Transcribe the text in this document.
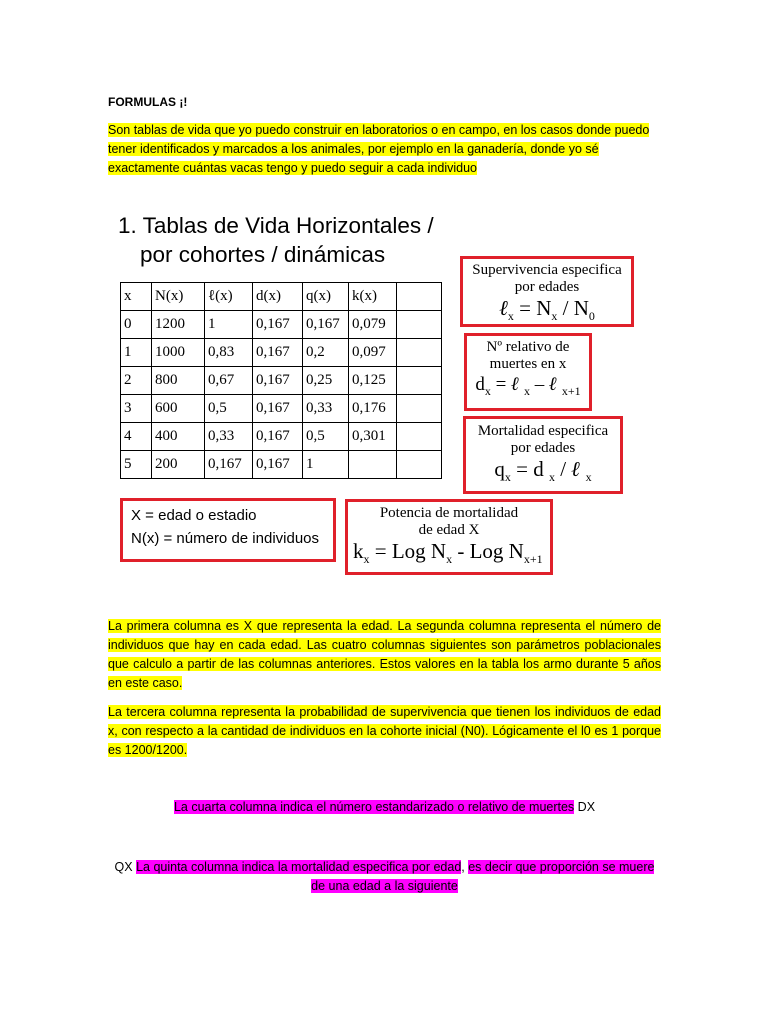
FORMULAS ¡!
Son tablas de vida que yo puedo construir en laboratorios o en campo, en los casos donde puedo tener identificados y marcados a los animales, por ejemplo en la ganadería, donde yo sé exactamente cuántas vacas tengo y puedo seguir a cada individuo
1. Tablas de Vida Horizontales /
por cohortes / dinámicas
x	N(x)	ℓ(x)	d(x)	q(x)	k(x)	
0	1200	1	0,167	0,167	0,079	
1	1000	0,83	0,167	0,2	0,097	
2	800	0,67	0,167	0,25	0,125	
3	600	0,5	0,167	0,33	0,176	
4	400	0,33	0,167	0,5	0,301	
5	200	0,167	0,167	1		
Supervivencia especifica
por edades
ℓ$_x$ = $N_x / N_0$
Nº relativo de
muertes en x
$d_x$ = ℓ $_x$ – ℓ $_{x+1}$
Mortalidad especifica
por edades
$q_x = d$ $_x$ / ℓ $_x$
X = edad o estadio
N(x) = número de individuos
Potencia de mortalidad
de edad X
$k_x$ = Log $N_x$ - Log $N_{x+1}$
La primera columna es X que representa la edad. La segunda columna representa el número de individuos que hay en cada edad. Las cuatro columnas siguientes son parámetros poblacionales que calculo a partir de las columnas anteriores. Estos valores en la tabla los armo durante 5 años en este caso.
La tercera columna representa la probabilidad de supervivencia que tienen los individuos de edad x, con respecto a la cantidad de individuos en la cohorte inicial (N0). Lógicamente el l0 es 1 porque es 1200/1200.
La cuarta columna indica el número estandarizado o relativo de muertes DX
QX La quinta columna indica la mortalidad especifica por edad, es decir que proporción se muere de una edad a la siguiente
